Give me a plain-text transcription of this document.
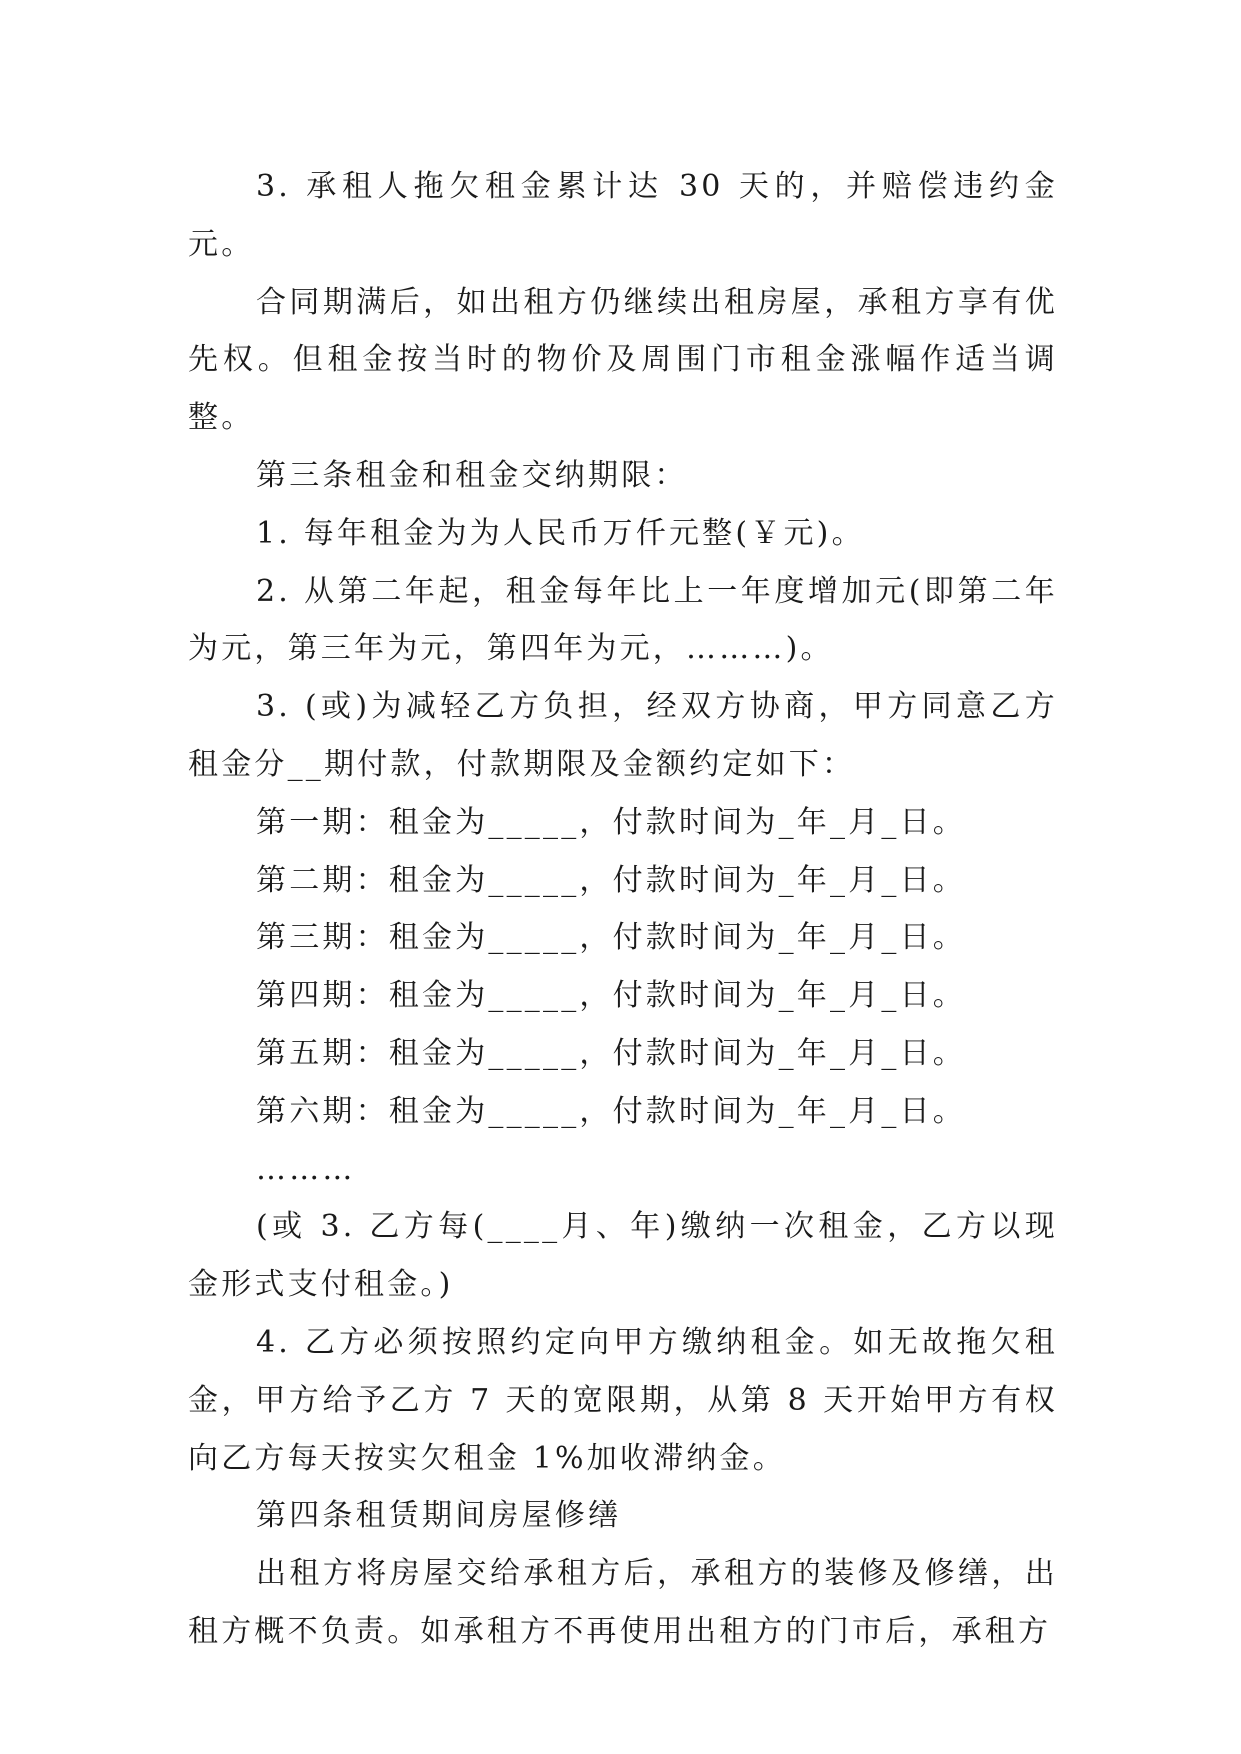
3. 承租人拖欠租金累计达 30 天的，并赔偿违约金元。

合同期满后，如出租方仍继续出租房屋，承租方享有优先权。但租金按当时的物价及周围门市租金涨幅作适当调整。

第三条租金和租金交纳期限：

1. 每年租金为为人民币万仟元整(￥元)。

2. 从第二年起，租金每年比上一年度增加元(即第二年为元，第三年为元，第四年为元，………)。

3. (或)为减轻乙方负担，经双方协商，甲方同意乙方租金分__期付款，付款期限及金额约定如下：

第一期：租金为_____，付款时间为_年_月_日。

第二期：租金为_____，付款时间为_年_月_日。

第三期：租金为_____，付款时间为_年_月_日。

第四期：租金为_____，付款时间为_年_月_日。

第五期：租金为_____，付款时间为_年_月_日。

第六期：租金为_____，付款时间为_年_月_日。

………

(或 3. 乙方每(____月、年)缴纳一次租金，乙方以现金形式支付租金。)

4. 乙方必须按照约定向甲方缴纳租金。如无故拖欠租金，甲方给予乙方 7 天的宽限期，从第 8 天开始甲方有权向乙方每天按实欠租金 1%加收滞纳金。

第四条租赁期间房屋修缮

出租方将房屋交给承租方后，承租方的装修及修缮，出租方概不负责。如承租方不再使用出租方的门市后，承租方
